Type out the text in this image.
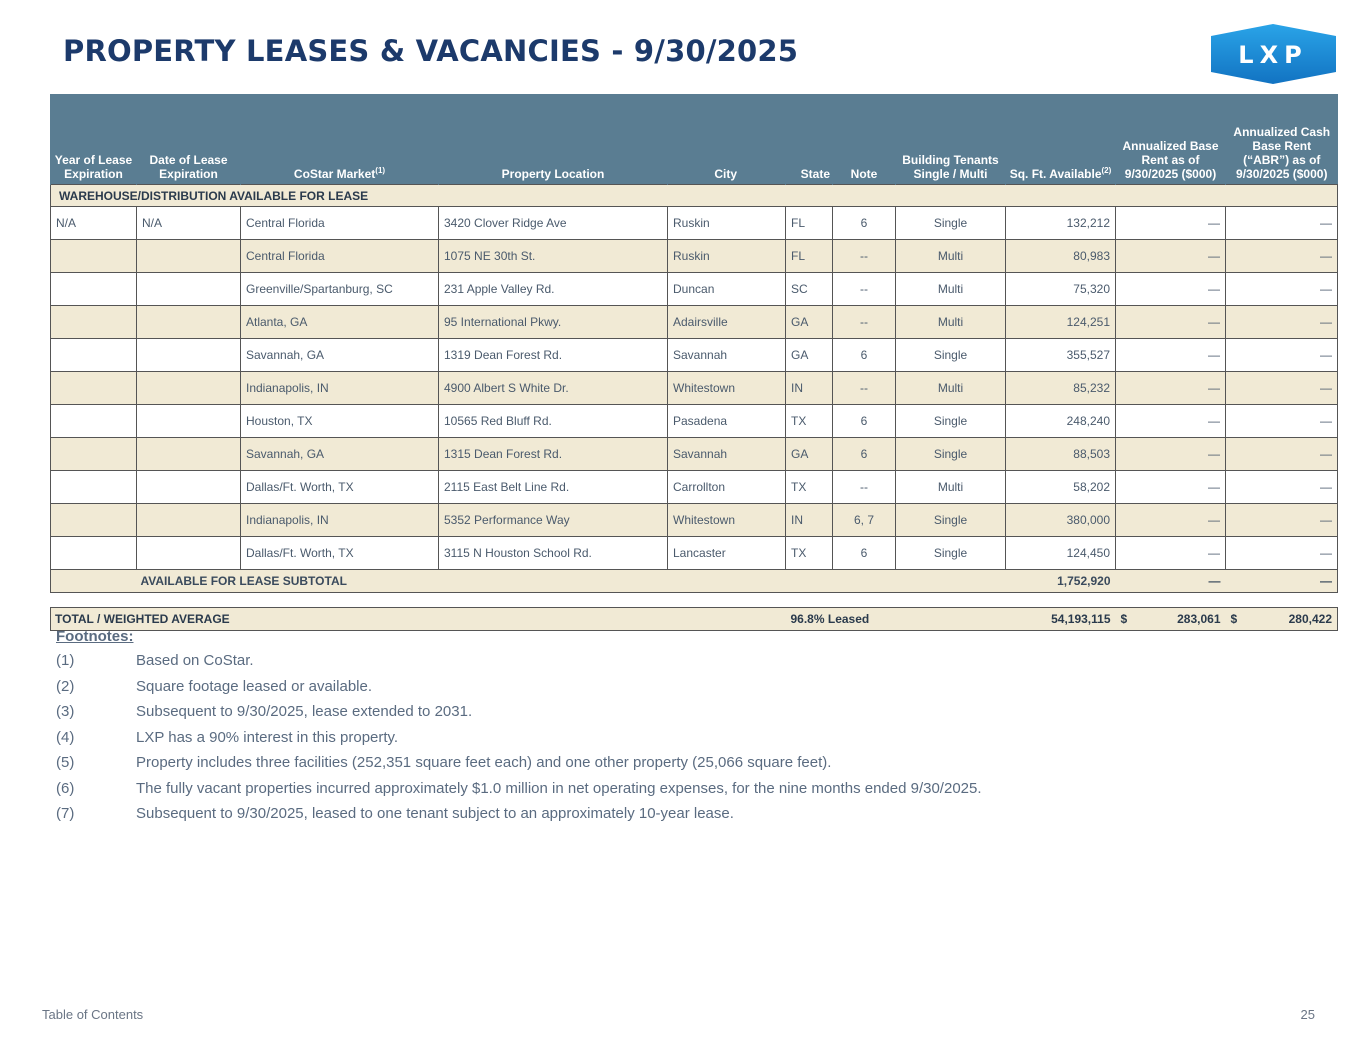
PROPERTY LEASES & VACANCIES - 9/30/2025	LXP
Year of Lease Expiration	Date of Lease Expiration	CoStar Market$^{(1)}$	Property Location	City	State	Note	Building Tenants Single / Multi	Sq. Ft. Available$^{(2)}$	Annualized Base Rent as of 9/30/2025 ($000)	Annualized Cash Base Rent (“ABR”) as of 9/30/2025 ($000)
WAREHOUSE/DISTRIBUTION AVAILABLE FOR LEASE										
N/A	N/A	Central Florida	3420 Clover Ridge Ave	Ruskin	FL	6	Single	132,212	—	—
		Central Florida	1075 NE 30th St.	Ruskin	FL	--	Multi	80,983	—	—
		Greenville/Spartanburg, SC	231 Apple Valley Rd.	Duncan	SC	--	Multi	75,320	—	—
		Atlanta, GA	95 International Pkwy.	Adairsville	GA	--	Multi	124,251	—	—
		Savannah, GA	1319 Dean Forest Rd.	Savannah	GA	6	Single	355,527	—	—
		Indianapolis, IN	4900 Albert S White Dr.	Whitestown	IN	--	Multi	85,232	—	—
		Houston, TX	10565 Red Bluff Rd.	Pasadena	TX	6	Single	248,240	—	—
		Savannah, GA	1315 Dean Forest Rd.	Savannah	GA	6	Single	88,503	—	—
		Dallas/Ft. Worth, TX	2115 East Belt Line Rd.	Carrollton	TX	--	Multi	58,202	—	—
		Indianapolis, IN	5352 Performance Way	Whitestown	IN	6, 7	Single	380,000	—	—
		Dallas/Ft. Worth, TX	3115 N Houston School Rd.	Lancaster	TX	6	Single	124,450	—	—
	AVAILABLE FOR LEASE SUBTOTAL							1,752,920	—	—

TOTAL / WEIGHTED AVERAGE					96.8% Leased			54,193,115	$ 283,061	$ 280,422
Footnotes:
(1)	Based on CoStar.
(2)	Square footage leased or available.
(3)	Subsequent to 9/30/2025, lease extended to 2031.
(4)	LXP has a 90% interest in this property.
(5)	Property includes three facilities (252,351 square feet each) and one other property (25,066 square feet).
(6)	The fully vacant properties incurred approximately $1.0 million in net operating expenses, for the nine months ended 9/30/2025.
(7)	Subsequent to 9/30/2025, leased to one tenant subject to an approximately 10-year lease.
Table of Contents	25
